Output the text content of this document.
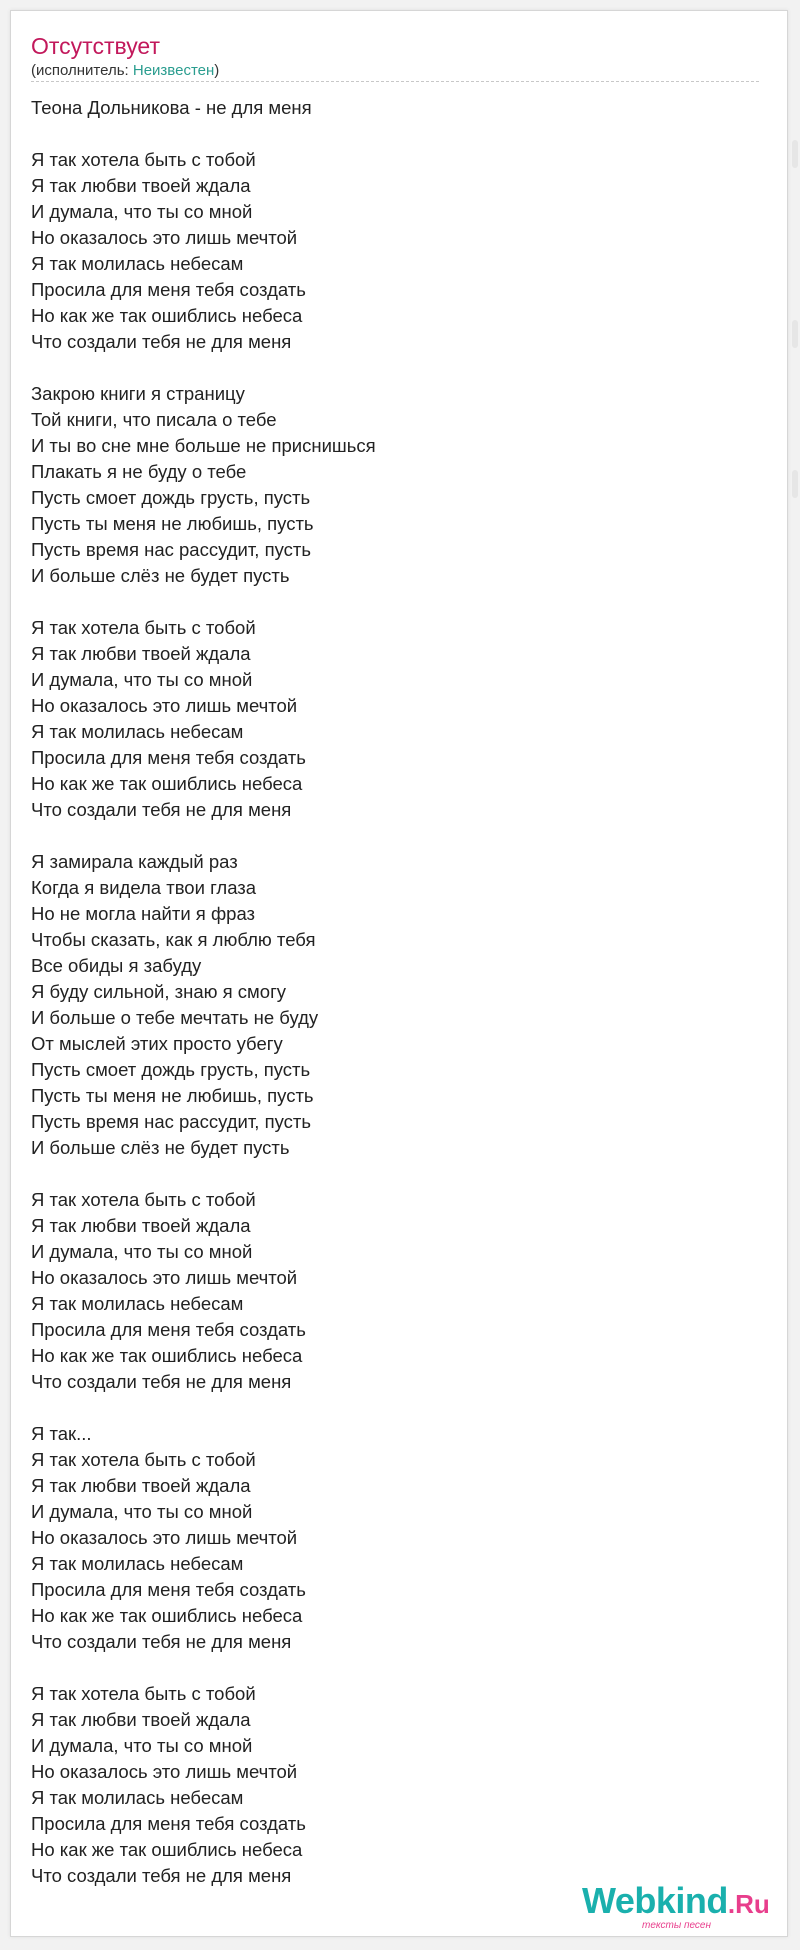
Отсутствует
(исполнитель: Неизвестен)
Теона Дольникова - не для меня
Я так хотела быть с тобой
Я так любви твоей ждала
И думала, что ты со мной
Но оказалось это лишь мечтой
Я так молилась небесам
Просила для меня тебя создать
Но как же так ошиблись небеса
Что создали тебя не для меня
Закрою книги я страницу
Той книги, что писала о тебе
И ты во сне мне больше не приснишься
Плакать я не буду о тебе
Пусть смоет дождь грусть, пусть
Пусть ты меня не любишь, пусть
Пусть время нас рассудит, пусть
И больше слёз не будет пусть
Я так хотела быть с тобой
Я так любви твоей ждала
И думала, что ты со мной
Но оказалось это лишь мечтой
Я так молилась небесам
Просила для меня тебя создать
Но как же так ошиблись небеса
Что создали тебя не для меня
Я замирала каждый раз
Когда я видела твои глаза
Но не могла найти я фраз
Чтобы сказать, как я люблю тебя
Все обиды я забуду
Я буду сильной, знаю я смогу
И больше о тебе мечтать не буду
От мыслей этих просто убегу
Пусть смоет дождь грусть, пусть
Пусть ты меня не любишь, пусть
Пусть время нас рассудит, пусть
И больше слёз не будет пусть
Я так хотела быть с тобой
Я так любви твоей ждала
И думала, что ты со мной
Но оказалось это лишь мечтой
Я так молилась небесам
Просила для меня тебя создать
Но как же так ошиблись небеса
Что создали тебя не для меня
Я так...
Я так хотела быть с тобой
Я так любви твоей ждала
И думала, что ты со мной
Но оказалось это лишь мечтой
Я так молилась небесам
Просила для меня тебя создать
Но как же так ошиблись небеса
Что создали тебя не для меня
Я так хотела быть с тобой
Я так любви твоей ждала
И думала, что ты со мной
Но оказалось это лишь мечтой
Я так молилась небесам
Просила для меня тебя создать
Но как же так ошиблись небеса
Что создали тебя не для меня
Webkind.Ru
тексты песен
